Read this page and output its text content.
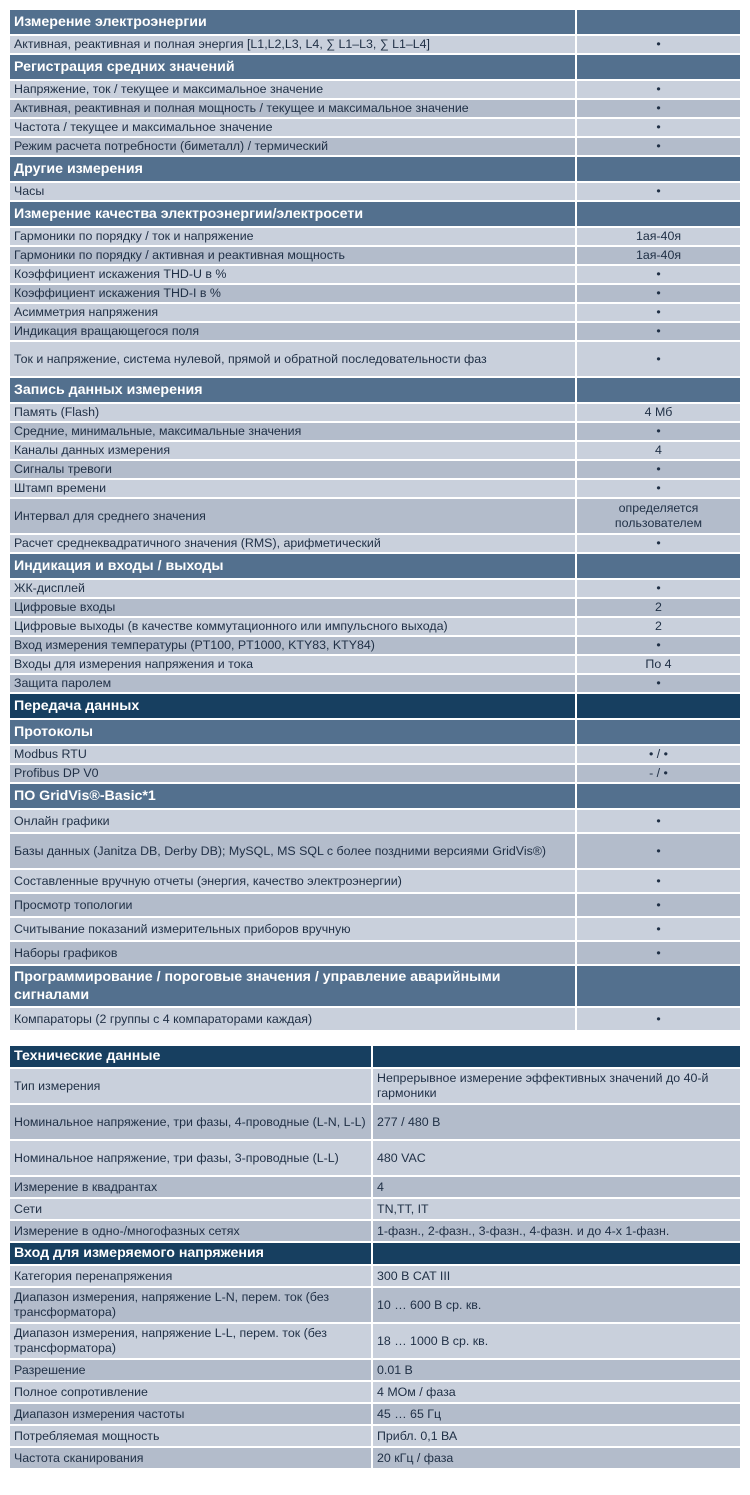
Измерение электроэнергии	
Активная, реактивная и полная энергия [L1,L2,L3, L4, ∑ L1–L3, ∑ L1–L4]	•
Регистрация средних значений	
Напряжение, ток / текущее и максимальное значение	•
Активная, реактивная и полная мощность / текущее и максимальное значение	•
Частота / текущее и максимальное значение	•
Режим расчета потребности (биметалл) / термический	•
Другие измерения	
Часы	•
Измерение качества электроэнергии/электросети	
Гармоники по порядку / ток и напряжение	1ая-40я
Гармоники по порядку / активная и реактивная мощность	1ая-40я
Коэффициент искажения THD-U в %	•
Коэффициент искажения THD-I в %	•
Асимметрия напряжения	•
Индикация вращающегося поля	•
Ток и напряжение, система нулевой, прямой и обратной последовательности фаз	•
Запись данных измерения	
Память (Flash)	4 Мб
Средние, минимальные, максимальные значения	•
Каналы данных измерения	4
Сигналы тревоги	•
Штамп времени	•
Интервал для среднего значения	определяется пользователем
Расчет среднеквадратичного значения (RMS), арифметический	•
Индикация и входы / выходы	
ЖК-дисплей	•
Цифровые входы	2
Цифровые выходы (в качестве коммутационного или импульсного выхода)	2
Вход измерения температуры (PT100, PT1000, KTY83, KTY84)	•
Входы для измерения напряжения и тока	По 4
Защита паролем	•
Передача данных	
Протоколы	
Modbus RTU	• / •
Profibus DP V0	- / •
ПО GridVis®-Basic*1	
Онлайн графики	•
Базы данных (Janitza DB, Derby DB); MySQL, MS SQL с более поздними версиями GridVis®)	•
Составленные вручную отчеты (энергия, качество электроэнергии)	•
Просмотр топологии	•
Считывание показаний измерительных приборов вручную	•
Наборы графиков	•
Программирование / пороговые значения / управление аварийными сигналами	
Компараторы (2 группы с 4 компараторами каждая)	•
Технические данные	
Тип измерения	Непрерывное измерение эффективных значений до 40-й гармоники
Номинальное напряжение, три фазы, 4-проводные (L-N, L-L)	277 / 480 В
Номинальное напряжение, три фазы, 3-проводные (L-L)	480 VAC
Измерение в квадрантах	4
Сети	TN,TT, IT
Измерение в одно-/многофазных сетях	1-фазн., 2-фазн., 3-фазн., 4-фазн. и до 4-х 1-фазн.
Вход для измеряемого напряжения	
Категория перенапряжения	300 В CAT III
Диапазон измерения, напряжение L-N, перем. ток (без трансформатора)	10 … 600 В ср. кв.
Диапазон измерения, напряжение L-L, перем. ток (без трансформатора)	18 … 1000 В ср. кв.
Разрешение	0.01 В
Полное сопротивление	4 МОм / фаза
Диапазон измерения частоты	45 … 65 Гц
Потребляемая мощность	Прибл. 0,1 ВА
Частота сканирования	20 кГц / фаза
